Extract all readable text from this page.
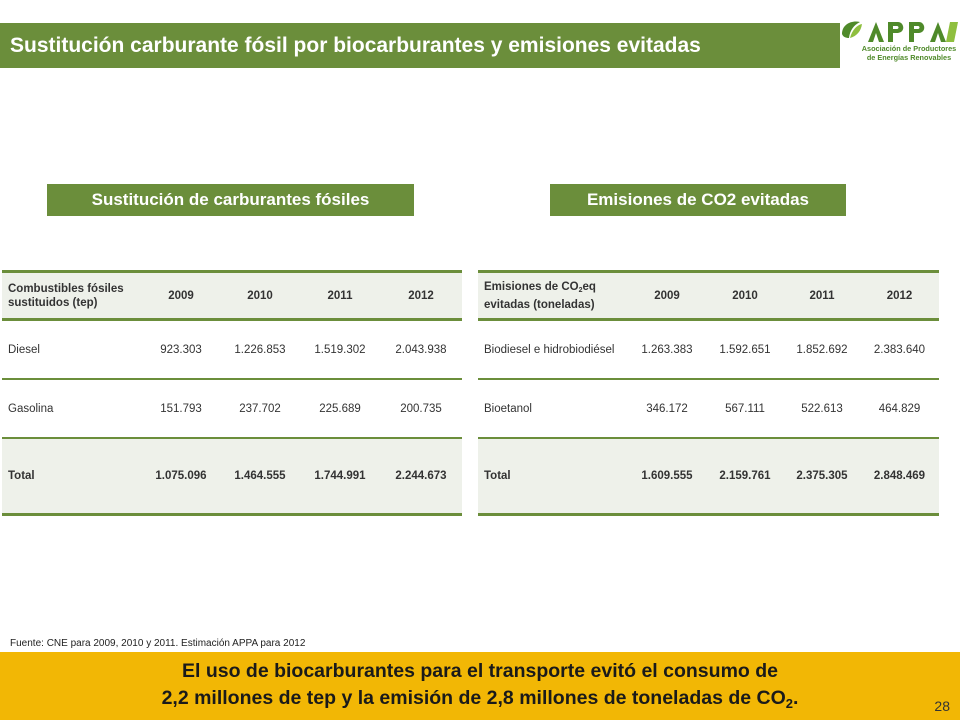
Sustitución carburante fósil por biocarburantes y emisiones evitadas	Asociación de Productores
de Energías Renovables
Sustitución de carburantes fósiles	Emisiones de CO2 evitadas
Combustibles fósiles
sustituidos (tep)
2009	2010	2011	2012
Diesel	923.303	1.226.853	1.519.302	2.043.938
Gasolina	151.793	237.702	225.689	200.735
Total	1.075.096	1.464.555	1.744.991	2.244.673
Emisiones de $CO_2eq$
evitadas (toneladas)
2009	2010	2011	2012
Biodiesel e hidrobiodiésel	1.263.383	1.592.651	1.852.692	2.383.640
Bioetanol	346.172	567.111	522.613	464.829
Total	1.609.555	2.159.761	2.375.305	2.848.469
Fuente: CNE para 2009, 2010 y 2011. Estimación APPA para 2012
El uso de biocarburantes para el transporte evitó el consumo de
2,2 millones de tep y la emisión de 2,8 millones de toneladas de $CO_2$.	28
